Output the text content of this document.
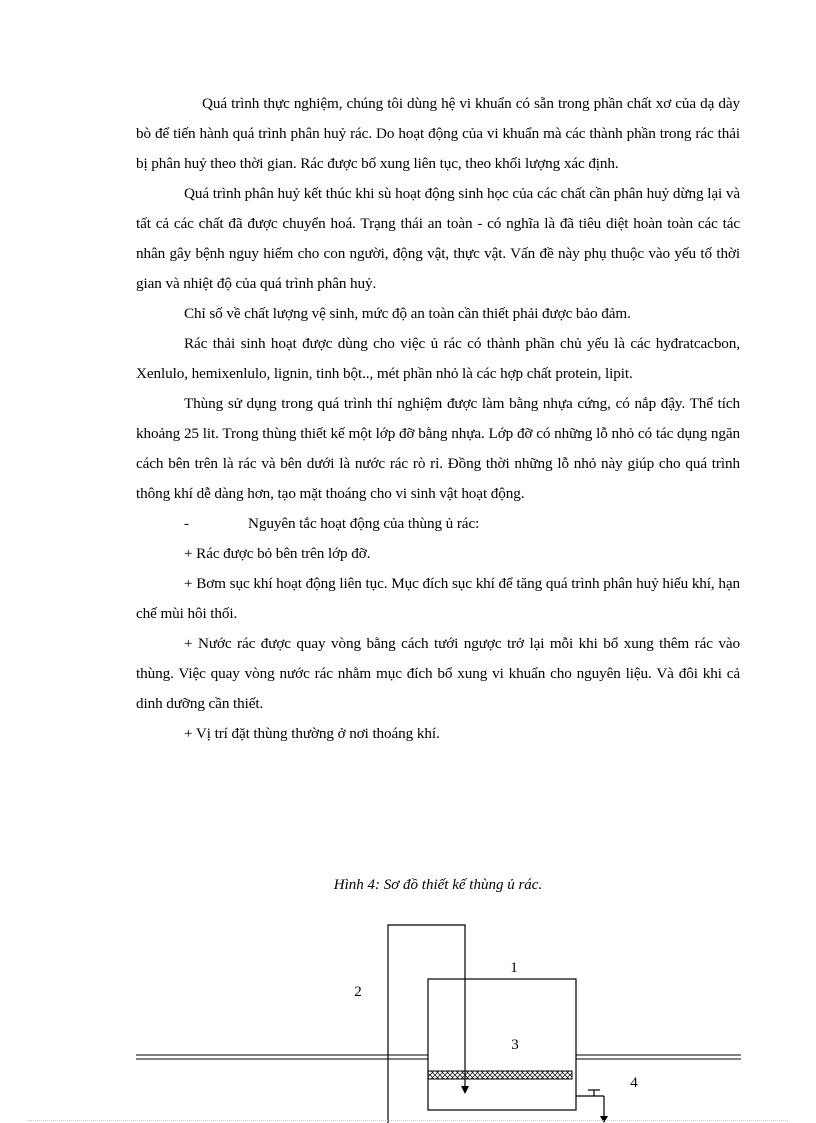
Quá trình thực nghiệm, chúng tôi dùng hệ vi khuẩn có sẵn trong phần chất xơ của dạ dày bò để tiến hành quá trình phân huỷ rác. Do hoạt động của vi khuẩn mà các thành phần trong rác thải bị phân huỷ theo thời gian. Rác được bổ xung liên tục, theo khối lượng xác định.

Quá trình phân huỷ kết thúc khi sù hoạt động sinh học của các chất cần phân huỷ dừng lại và tất cả các chất đã được chuyển hoá. Trạng thái an toàn - có nghĩa là đã tiêu diệt hoàn toàn các tác nhân gây bệnh nguy hiểm cho con người, động vật, thực vật. Vấn đề này phụ thuộc vào yếu tố thời gian và nhiệt độ của quá trình phân huỷ.

Chỉ số về chất lượng vệ sinh, mức độ an toàn cần thiết phải được bảo đảm.

Rác thải sinh hoạt được dùng cho việc ủ rác có thành phần chủ yếu là các hyđratcacbon, Xenlulo, hemixenlulo, lignin, tinh bột.., mét phần nhỏ là các hợp chất protein, lipit.

Thùng sử dụng trong quá trình thí nghiệm được làm bằng nhựa cứng, có nắp đậy. Thể tích khoảng 25 lit. Trong thùng thiết kế một lớp đỡ bằng nhựa. Lớp đỡ có những lỗ nhỏ có tác dụng ngăn cách bên trên là rác và bên dưới là nước rác rò rỉ. Đồng thời những lỗ nhỏ này giúp cho quá trình thông khí dễ dàng hơn, tạo mặt thoáng cho vi sinh vật hoạt động.

-	Nguyên tắc hoạt động của thùng ủ rác:

+ Rác được bỏ bên trên lớp đỡ.

+ Bơm sục khí hoạt động liên tục. Mục đích sục khí để tăng quá trình phân huỷ hiếu khí, hạn chế mùi hôi thối.

+ Nước rác được quay vòng bằng cách tưới ngược trở lại mỗi khi bổ xung thêm rác vào thùng. Việc quay vòng nước rác nhằm mục đích bổ xung vi khuẩn cho nguyên liệu. Và đôi khi cả dinh dưỡng cần thiết.

+ Vị trí đặt thùng thường ở nơi thoáng khí.

Hình 4: Sơ đồ thiết kế thùng ủ rác.
1
2
3
4
